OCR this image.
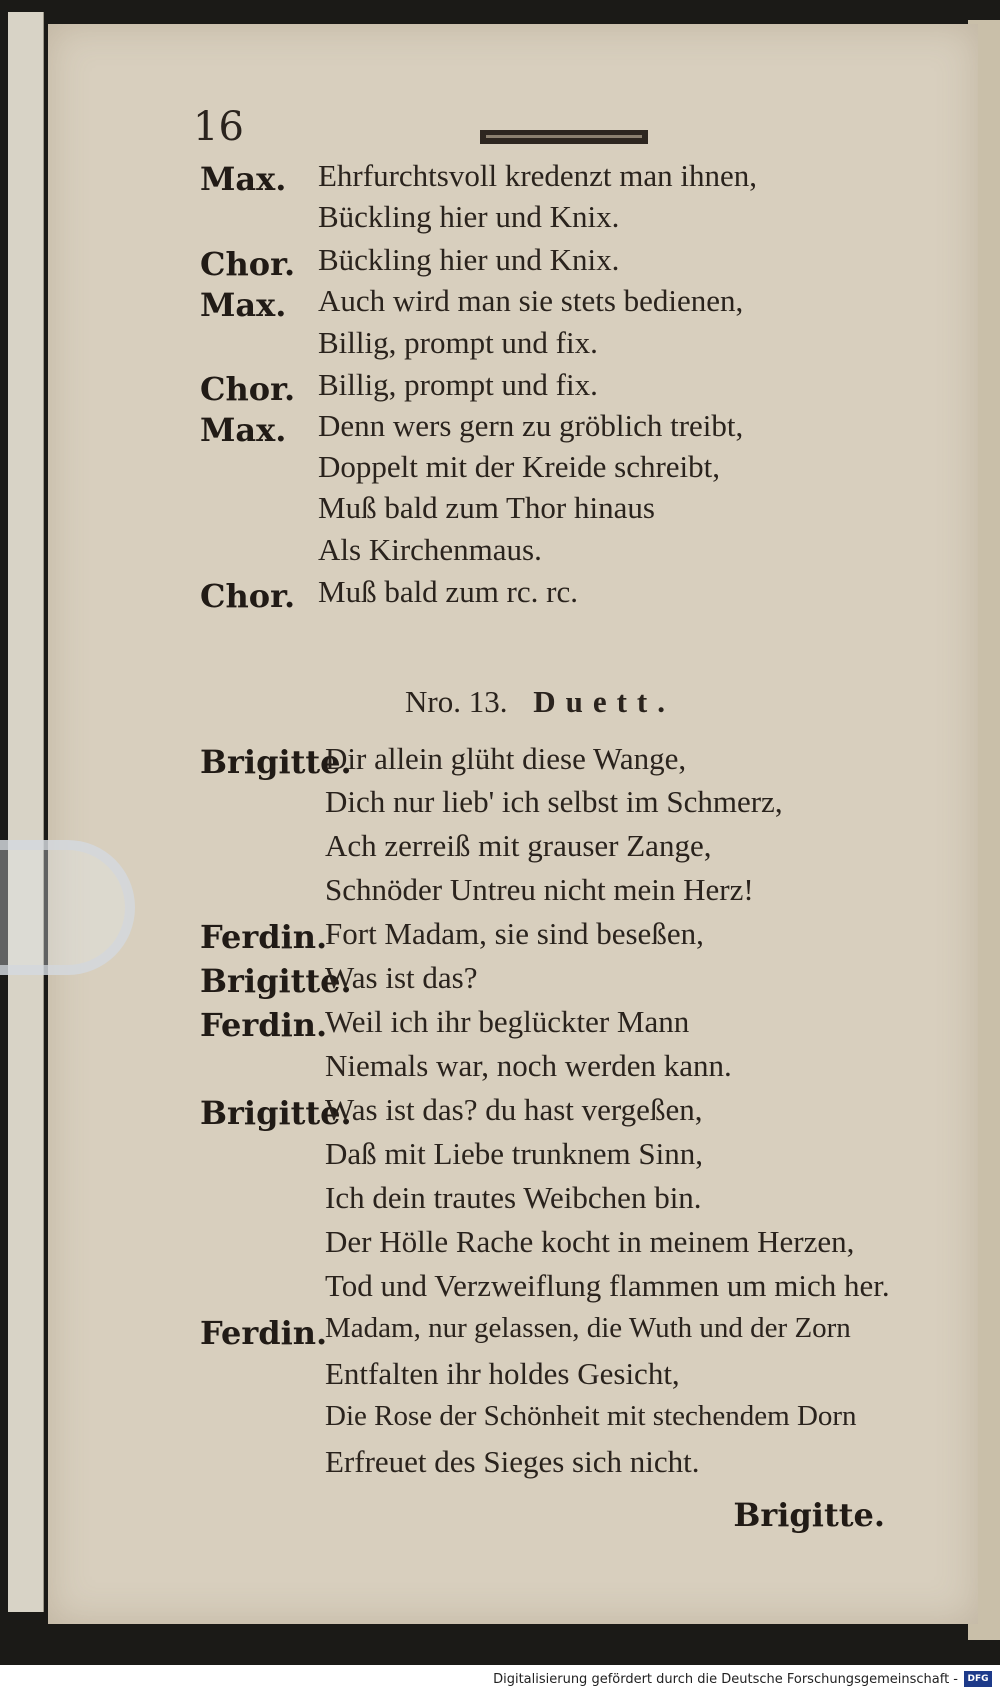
16
Max. Ehrfurchtsvoll kredenzt man ihnen,
Bückling hier und Knix.
Chor. Bückling hier und Knix.
Max. Auch wird man sie stets bedienen,
Billig, prompt und fix.
Chor. Billig, prompt und fix.
Max. Denn wers gern zu gröblich treibt,
Doppelt mit der Kreide schreibt,
Muß bald zum Thor hinaus
Als Kirchenmaus.
Chor. Muß bald zum rc. rc.
Nro. 13. Duett.
Brigitte.
Dir allein glüht diese Wange,
Dich nur lieb' ich selbst im Schmerz,
Ach zerreiß mit grauser Zange,
Schnöder Untreu nicht mein Herz!
Ferdin.
Fort Madam, sie sind beseßen,
Brigitte.
Was ist das?
Ferdin.
Weil ich ihr beglückter Mann
Niemals war, noch werden kann.
Brigitte.
Was ist das? du hast vergeßen,
Daß mit Liebe trunknem Sinn,
Ich dein trautes Weibchen bin.
Der Hölle Rache kocht in meinem Herzen,
Tod und Verzweiflung flammen um mich her.
Ferdin.
Madam, nur gelassen, die Wuth und der Zorn
Entfalten ihr holdes Gesicht,
Die Rose der Schönheit mit stechendem Dorn
Erfreuet des Sieges sich nicht.
Brigitte.
Digitalisierung gefördert durch die Deutsche Forschungsgemeinschaft -	DFG
